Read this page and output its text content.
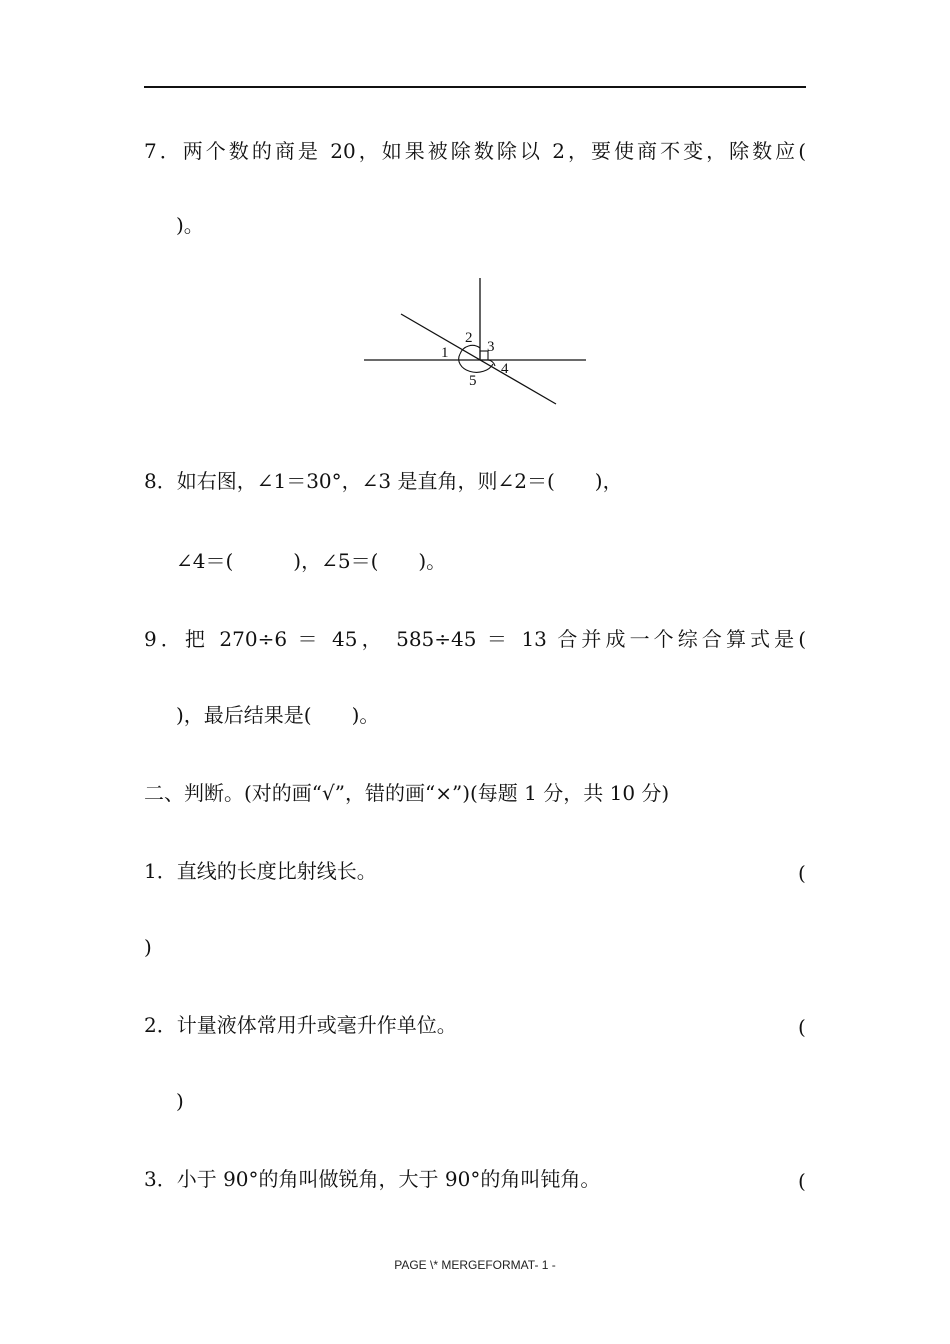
7．两个数的商是 20，如果被除数除以 2，要使商不变，除数应(
)。
1
2
3
4
5
8．如右图，∠1＝30°，∠3 是直角，则∠2＝(　　)，
∠4＝(　　　)，∠5＝(　　)。
9．把 270÷6 ＝ 45， 585÷45 ＝ 13 合并成一个综合算式是(
)，最后结果是(　　)。
二、判断。(对的画“√”，错的画“×”)(每题 1 分，共 10 分)
1．直线的长度比射线长。	(
)
2．计量液体常用升或毫升作单位。	(
)
3．小于 90°的角叫做锐角，大于 90°的角叫钝角。	(
PAGE \* MERGEFORMAT- 1 -
